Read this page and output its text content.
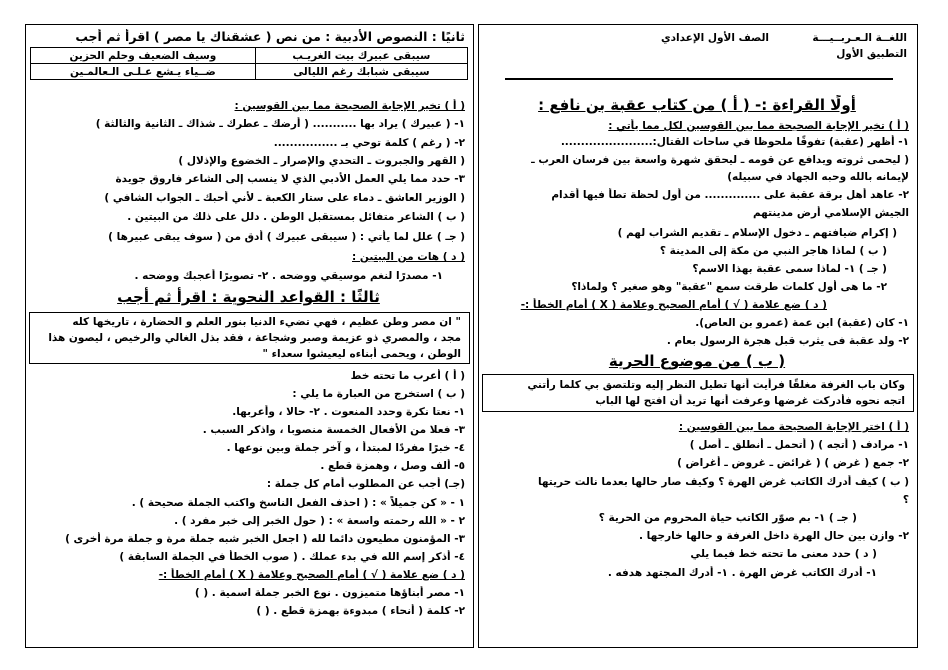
اللغــة الـعـربــيـــة
الصف الأول الإعدادي
التطبيق الأول
أولًا القراءة :- ( أ ) من كتاب عقبة بن نافع :
( أ ) تخير الإجابة الصحيحة مما بين القوسين لكل مما يأتي :
١- أظهر (عقبة) تفوقًا ملحوظا في ساحات القتال:.......................
( ليحمى ثروته ويدافع عن قومه ـ ليحقق شهرة واسعة بين فرسان العرب ـ
لإيمانه بالله وحبه الجهاد في سبيله)
٢- عاهد أهل برقة عقبة على .............. من أول لحظة تطأ فيها أقدام
الجيش الإسلامي أرض مدينتهم
( إكرام ضيافتهم ـ دخول الإسلام ـ تقديم الشراب لهم )
( ب ) لماذا هاجر النبي من مكة إلى المدينة ؟
( جـ ) ١- لماذا سمى عقبة بهذا الاسم؟
٢- ما هى أول كلمات طرقت سمع "عقبة" وهو صغير ؟ ولماذا؟
( د ) ضع علامة ( √ ) أمام الصحيح وعلامة ( X ) أمام الخطأ :-
١- كان (عقبة) ابن عمة (عمرو بن العاص).
٢- ولد عقبة فى يثرب قبل هجرة الرسول بعام .
( ب ) من موضوع الحرية
وكان باب الغرفة مغلقًا فرأيت أنها تطيل النظر إليه وتلتصق بي كلما رأتني
اتجه نحوه فأدركت غرضها وعرفت أنها تريد أن افتح لها الباب
( أ ) اختر الإجابة الصحيحة مما بين القوسين :
١- مرادف ( أتجه ) ( أتحمل ـ أنطلق ـ أصل )
٢- جمع ( غرض ) ( غرائض ـ غروض ـ أغراض )
( ب ) كيف أدرك الكاتب غرض الهرة ؟ وكيف صار حالها بعدما نالت حريتها
؟
( جـ ) ١- بم صوّر الكاتب حياة المحروم من الحرية ؟
٢- وازن بين حال الهرة داخل الغرفة و حالها خارجها .
( د ) حدد معنى ما تحته خط فيما يلي
١- أدرك الكاتب غرض الهرة . ١- أدرك المجتهد هدفه .
ثانيًا : النصوص الأدبية : من نص ( عشقناك يا مصر ) اقرأ ثم أجب
سيبقى عبيرك بيت الغريـب	وسيف الضعيف وحلم الحزين
سيبقى شبابك رغم الليالى	ضــياء يـشع عـلـى الـعالمـين
( أ ) تخير الإجابة الصحيحة مما بين القوسين :
١- ( عبيرك ) يراد بها ........... ( أرضك ـ عطرك ـ شذاك ـ الثانية والثالثة )
٢- ( رغم ) كلمة توحي بـ ................
( القهر والجبروت ـ التحدي والإصرار ـ الخضوع والإذلال )
٣- حدد مما يلي العمل الأدبي الذي لا ينسب إلى الشاعر فاروق جويدة
( الوزير العاشق ـ دماء على ستار الكعبة ـ لأني أحبك ـ الجواب الشافي )
( ب ) الشاعر متفائل بمستقبل الوطن . دلل على ذلك من البيتين .
( جـ ) علل لما يأتي : ( سيبقى عبيرك ) أدق من ( سوف يبقى عبيرها )
( د ) هات من البيتين :
١- مصدرًا لنغم موسيقي ووضحه . ٢- تصويرًا أعجبك ووضحه .
ثالثًا : القواعد النحوية : اقرأ ثم أجب
" ان مصر وطن عظيم ، فهي تضيء الدنيا بنور العلم و الحضارة ، تاريخها كله
مجد ، والمصري ذو عزيمة وصبر وشجاعة ، فقد بذل الغالي والرخيص ، ليصون هذا
الوطن ، ويحمى أبناءه ليعيشوا سعداء "
( أ ) أعرب ما تحته خط
( ب ) استخرج من العبارة ما يلي :
١- نعتا نكرة وحدد المنعوت . ٢- حالا ، وأعربها.
٣- فعلا من الأفعال الخمسة منصوبا ، واذكر السبب .
٤- خبرًا مفردًا لمبتدأ ، و آخر جملة وبين نوعها .
٥- ألف وصل ، وهمزة قطع .
(جـ) أجب عن المطلوب أمام كل جملة :
١ - « كن جميلاً » : ( احذف الفعل الناسخ واكتب الجملة صحيحة ) .
٢ - « الله رحمته واسعة » : ( حول الخبر إلى خبر مفرد ) .
٣- المؤمنون مطيعون دائما لله ( اجعل الخبر شبه جملة مرة و جملة مرة أخرى )
٤- أذكر إسم الله في بدء عملك . ( صوب الخطأ في الجملة السابقة )
( د ) ضع علامة ( √ ) أمام الصحيح وعلامة ( X ) أمام الخطأ :-
١- مصر أبناؤها متميزون . نوع الخبر جملة اسمية . ( )
٢- كلمة ( أنحاء ) مبدوءة بهمزة قطع . ( )
